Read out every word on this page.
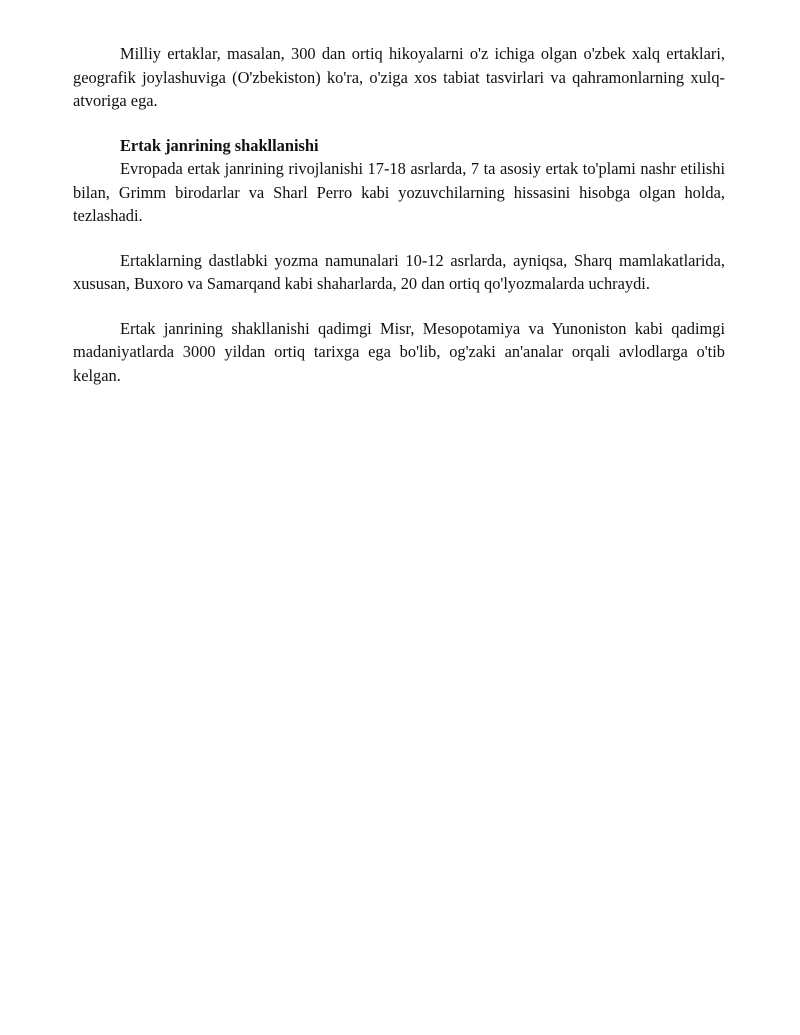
Milliy ertaklar, masalan, 300 dan ortiq hikoyalarni o'z ichiga olgan o'zbek xalq ertaklari, geografik joylashuviga (O'zbekiston) ko'ra, o'ziga xos tabiat tasvirlari va qahramonlarning xulq-atvoriga ega.

Ertak janrining shakllanishi

Evropada ertak janrining rivojlanishi 17-18 asrlarda, 7 ta asosiy ertak to'plami nashr etilishi bilan, Grimm birodarlar va Sharl Perro kabi yozuvchilarning hissasini hisobga olgan holda, tezlashadi.

Ertaklarning dastlabki yozma namunalari 10-12 asrlarda, ayniqsa, Sharq mamlakatlarida, xususan, Buxoro va Samarqand kabi shaharlarda, 20 dan ortiq qo'lyozmalarda uchraydi.

Ertak janrining shakllanishi qadimgi Misr, Mesopotamiya va Yunoniston kabi qadimgi madaniyatlarda 3000 yildan ortiq tarixga ega bo'lib, og'zaki an'analar orqali avlodlarga o'tib kelgan.
